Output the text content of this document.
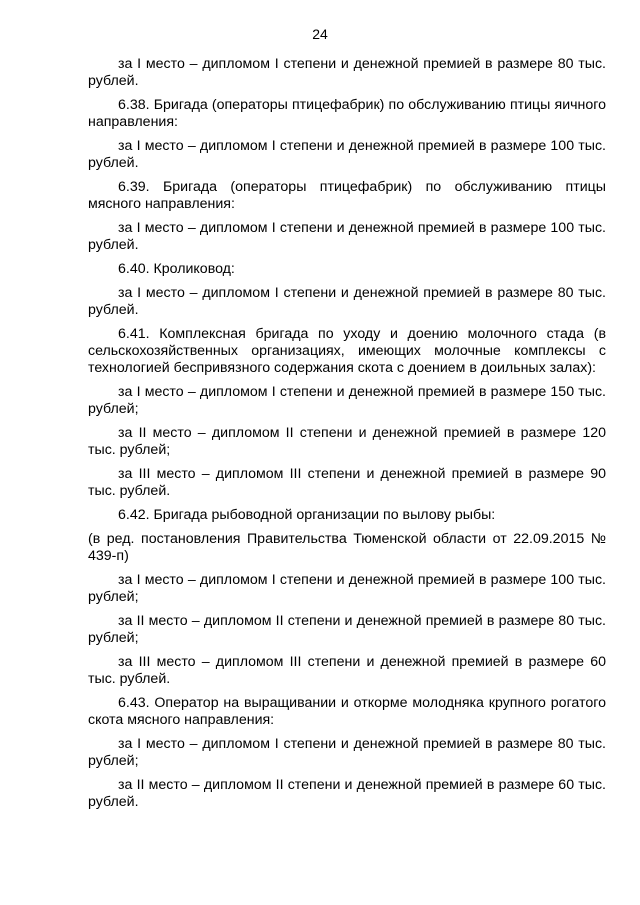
24

за I место – дипломом I степени и денежной премией в размере 80 тыс. рублей.

6.38. Бригада (операторы птицефабрик) по обслуживанию птицы яичного направления:

за I место – дипломом I степени и денежной премией в размере 100 тыс. рублей.

6.39. Бригада (операторы птицефабрик) по обслуживанию птицы мясного направления:

за I место – дипломом I степени и денежной премией в размере 100 тыс. рублей.

6.40. Кроликовод:

за I место – дипломом I степени и денежной премией в размере 80 тыс. рублей.

6.41. Комплексная бригада по уходу и доению молочного стада (в сельскохозяйственных организациях, имеющих молочные комплексы с технологией беспривязного содержания скота с доением в доильных залах):

за I место – дипломом I степени и денежной премией в размере 150 тыс. рублей;

за II место – дипломом II степени и денежной премией в размере 120 тыс. рублей;

за III место – дипломом III степени и денежной премией в размере 90 тыс. рублей.

6.42. Бригада рыбоводной организации по вылову рыбы:

(в ред. постановления Правительства Тюменской области от 22.09.2015 № 439-п)

за I место – дипломом I степени и денежной премией в размере 100 тыс. рублей;

за II место – дипломом II степени и денежной премией в размере 80 тыс. рублей;

за III место – дипломом III степени и денежной премией в размере 60 тыс. рублей.

6.43. Оператор на выращивании и откорме молодняка крупного рогатого скота мясного направления:

за I место – дипломом I степени и денежной премией в размере 80 тыс. рублей;

за II место – дипломом II степени и денежной премией в размере 60 тыс. рублей.
